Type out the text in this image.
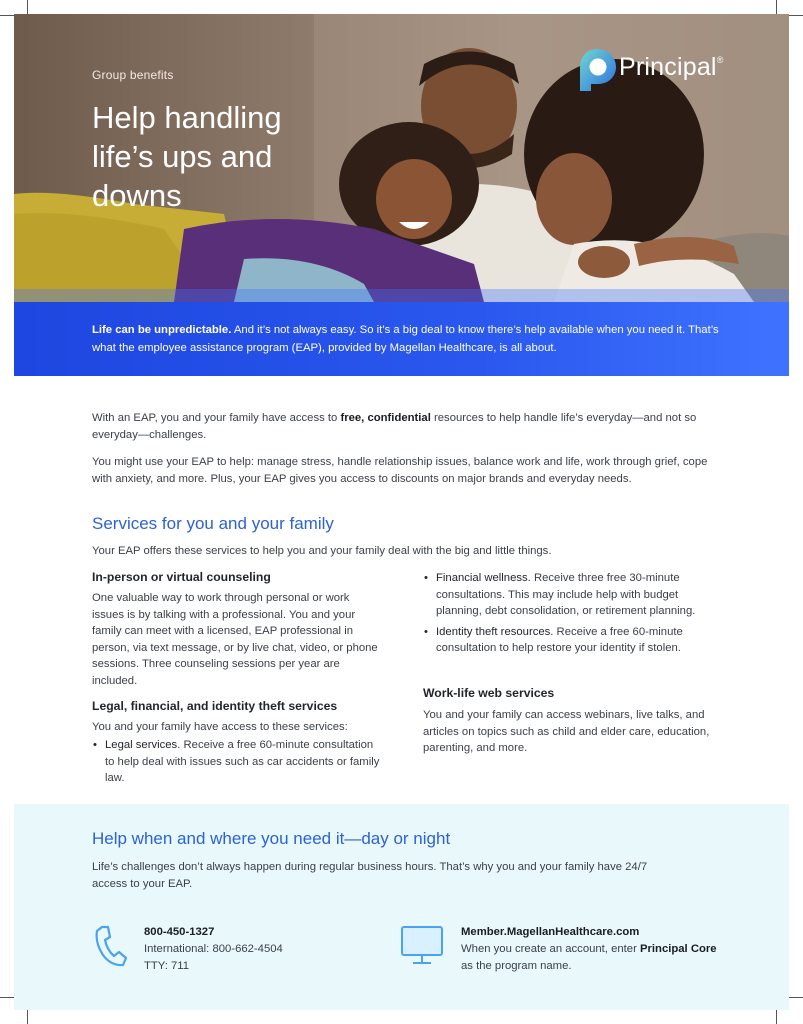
Group benefits
Help handling life’s ups and downs
Principal®

Life can be unpredictable. And it’s not always easy. So it’s a big deal to know there’s help available when you need it. That’s what the employee assistance program (EAP), provided by Magellan Healthcare, is all about.

With an EAP, you and your family have access to free, confidential resources to help handle life’s everyday—and not so everyday—challenges.

You might use your EAP to help: manage stress, handle relationship issues, balance work and life, work through grief, cope with anxiety, and more. Plus, your EAP gives you access to discounts on major brands and everyday needs.

Services for you and your family

Your EAP offers these services to help you and your family deal with the big and little things.

In-person or virtual counseling

One valuable way to work through personal or work issues is by talking with a professional. You and your family can meet with a licensed, EAP professional in person, via text message, or by live chat, video, or phone sessions. Three counseling sessions per year are included.

Legal, financial, and identity theft services

You and your family have access to these services:

• Legal services. Receive a free 60-minute consultation to help deal with issues such as car accidents or family law.
• Financial wellness. Receive three free 30-minute consultations. This may include help with budget planning, debt consolidation, or retirement planning.
• Identity theft resources. Receive a free 60-minute consultation to help restore your identity if stolen.
Work-life web services

You and your family can access webinars, live talks, and articles on topics such as child and elder care, education, parenting, and more.

Help when and where you need it—day or night

Life’s challenges don’t always happen during regular business hours. That’s why you and your family have 24/7 access to your EAP.

800-450-1327
International: 800-662-4504
TTY: 711
Member.MagellanHealthcare.com

When you create an account, enter Principal Core as the program name.
